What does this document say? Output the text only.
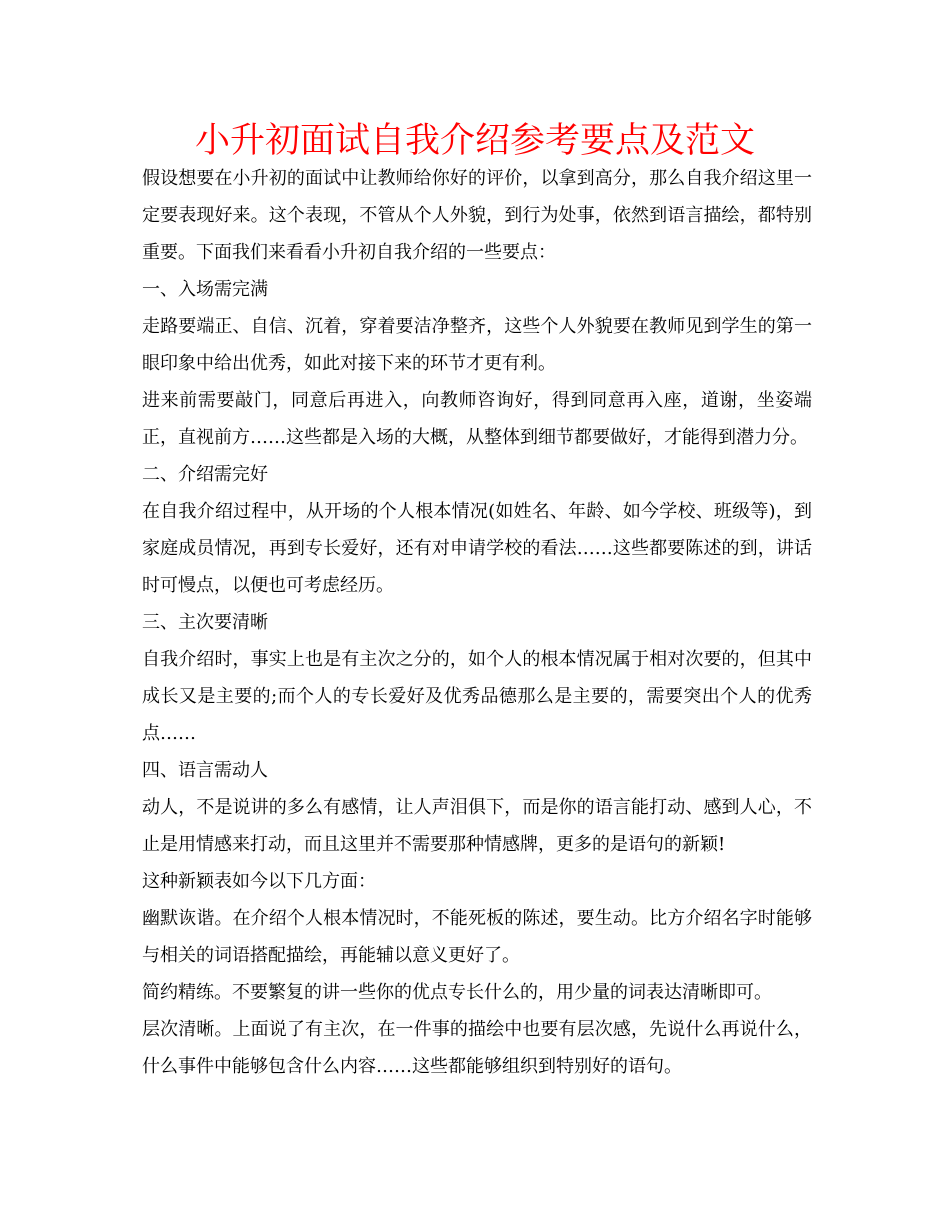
小升初面试自我介绍参考要点及范文

假设想要在小升初的面试中让教师给你好的评价，以拿到高分，那么自我介绍这里一定要表现好来。这个表现，不管从个人外貌，到行为处事，依然到语言描绘，都特别重要。下面我们来看看小升初自我介绍的一些要点：

一、入场需完满

走路要端正、自信、沉着，穿着要洁净整齐，这些个人外貌要在教师见到学生的第一眼印象中给出优秀，如此对接下来的环节才更有利。

进来前需要敲门，同意后再进入，向教师咨询好，得到同意再入座，道谢，坐姿端正，直视前方……这些都是入场的大概，从整体到细节都要做好，才能得到潜力分。

二、介绍需完好

在自我介绍过程中，从开场的个人根本情况(如姓名、年龄、如今学校、班级等)，到家庭成员情况，再到专长爱好，还有对申请学校的看法……这些都要陈述的到，讲话时可慢点，以便也可考虑经历。

三、主次要清晰

自我介绍时，事实上也是有主次之分的，如个人的根本情况属于相对次要的，但其中成长又是主要的;而个人的专长爱好及优秀品德那么是主要的，需要突出个人的优秀点……

四、语言需动人

动人，不是说讲的多么有感情，让人声泪俱下，而是你的语言能打动、感到人心，不止是用情感来打动，而且这里并不需要那种情感牌，更多的是语句的新颖!

这种新颖表如今以下几方面：

幽默诙谐。在介绍个人根本情况时，不能死板的陈述，要生动。比方介绍名字时能够与相关的词语搭配描绘，再能辅以意义更好了。

简约精练。不要繁复的讲一些你的优点专长什么的，用少量的词表达清晰即可。

层次清晰。上面说了有主次，在一件事的描绘中也要有层次感，先说什么再说什么，什么事件中能够包含什么内容……这些都能够组织到特别好的语句。
